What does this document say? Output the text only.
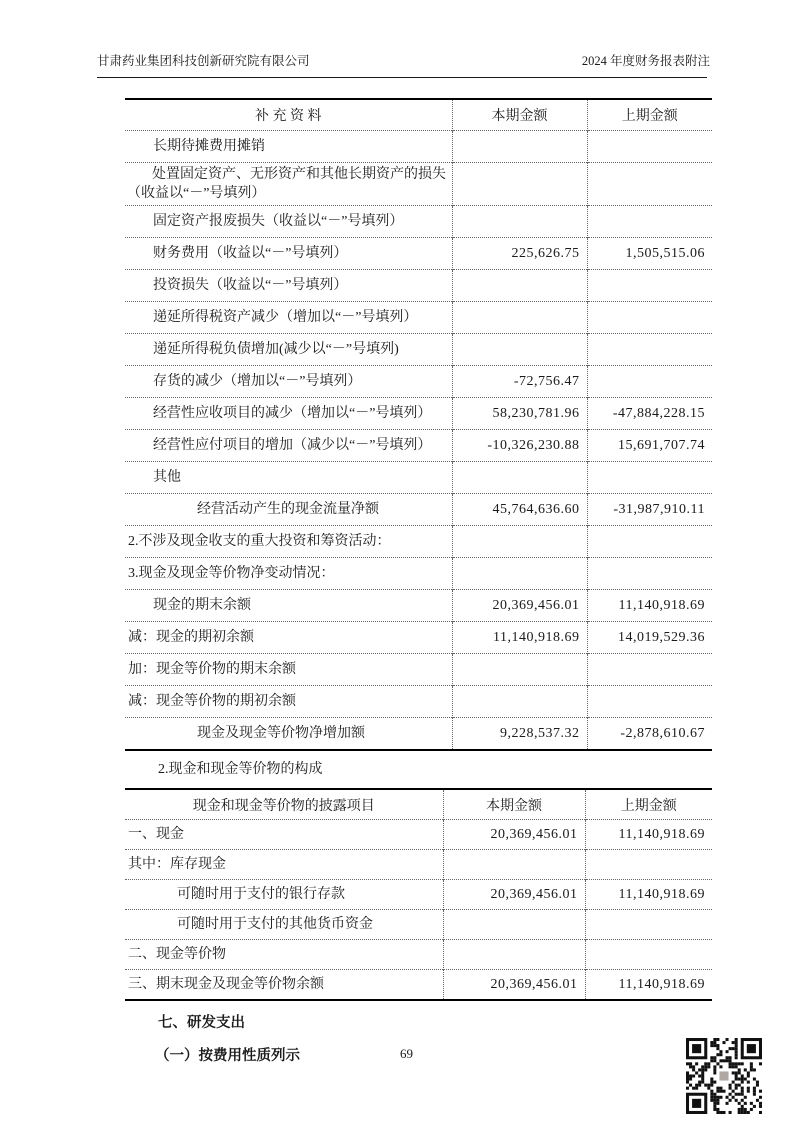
甘肃药业集团科技创新研究院有限公司	2024 年度财务报表附注
补 充 资 料	本期金额	上期金额
长期待摊费用摊销		
处置固定资产、无形资产和其他长期资产的损失（收益以“－”号填列）		
固定资产报废损失（收益以“－”号填列）		
财务费用（收益以“－”号填列）	225,626.75	1,505,515.06
投资损失（收益以“－”号填列）		
递延所得税资产减少（增加以“－”号填列）		
递延所得税负债增加(减少以“－”号填列)		
存货的减少（增加以“－”号填列）	-72,756.47	
经营性应收项目的减少（增加以“－”号填列）	58,230,781.96	-47,884,228.15
经营性应付项目的增加（减少以“－”号填列）	-10,326,230.88	15,691,707.74
其他		
经营活动产生的现金流量净额	45,764,636.60	-31,987,910.11
2.不涉及现金收支的重大投资和筹资活动：		
3.现金及现金等价物净变动情况：		
现金的期末余额	20,369,456.01	11,140,918.69
减：现金的期初余额	11,140,918.69	14,019,529.36
加：现金等价物的期末余额		
减：现金等价物的期初余额		
现金及现金等价物净增加额	9,228,537.32	-2,878,610.67

2.现金和现金等价物的构成

现金和现金等价物的披露项目	本期金额	上期金额
一、现金	20,369,456.01	11,140,918.69
其中：库存现金		
可随时用于支付的银行存款	20,369,456.01	11,140,918.69
可随时用于支付的其他货币资金		
二、现金等价物		
三、期末现金及现金等价物余额	20,369,456.01	11,140,918.69
七、研发支出
（一）按费用性质列示	69
